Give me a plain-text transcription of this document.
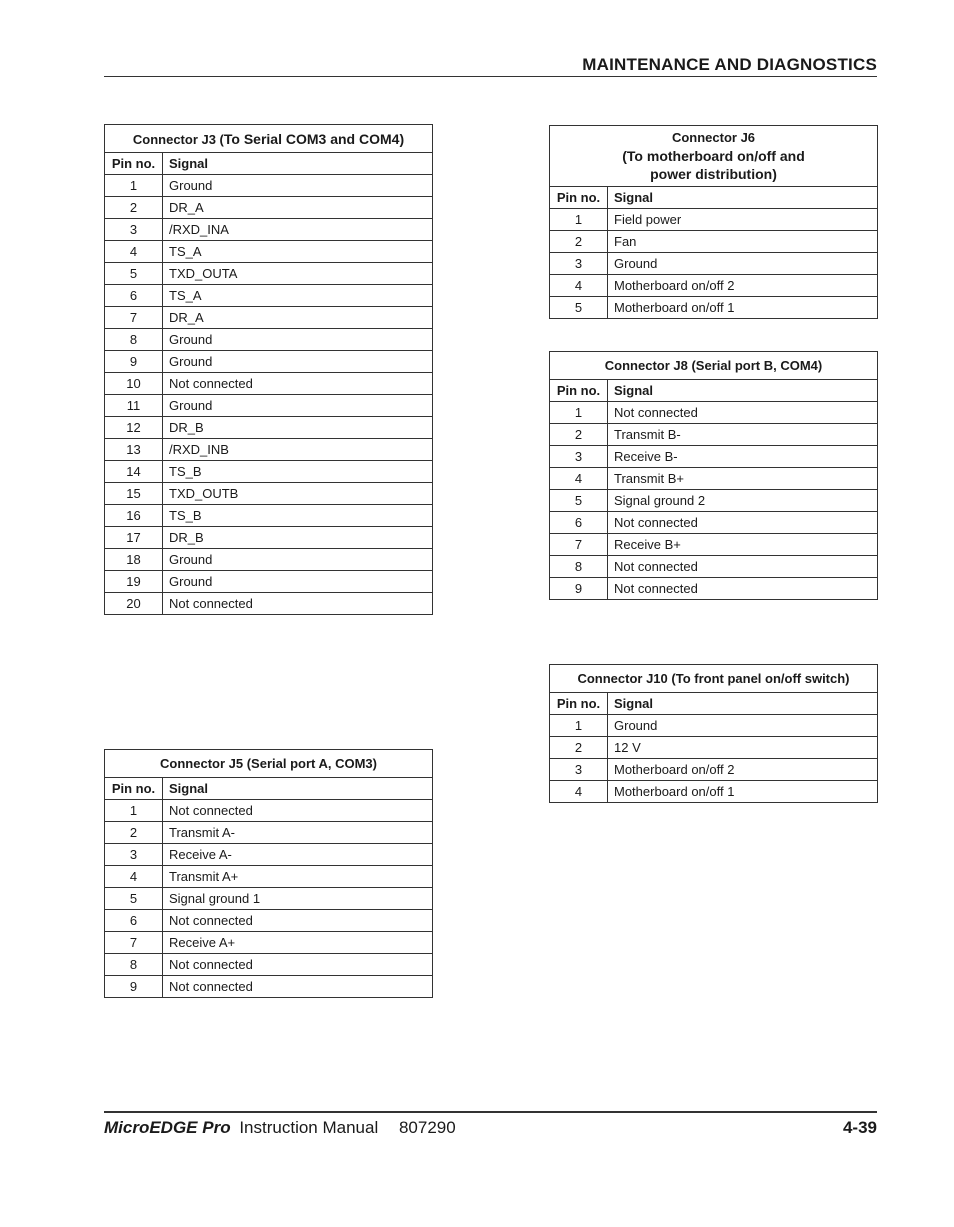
MAINTENANCE AND DIAGNOSTICS
Connector J3 (To Serial COM3 and COM4)	
Pin no.	Signal
1	Ground
2	DR_A
3	/RXD_INA
4	TS_A
5	TXD_OUTA
6	TS_A
7	DR_A
8	Ground
9	Ground
10	Not connected
11	Ground
12	DR_B
13	/RXD_INB
14	TS_B
15	TXD_OUTB
16	TS_B
17	DR_B
18	Ground
19	Ground
20	Not connected
Connector J5 (Serial port A, COM3)	
Pin no.	Signal
1	Not connected
2	Transmit A-
3	Receive A-
4	Transmit A+
5	Signal ground 1
6	Not connected
7	Receive A+
8	Not connected
9	Not connected
Connector J6
(To motherboard on/off and
power distribution)	

Pin no.	Signal
1	Field power
2	Fan
3	Ground
4	Motherboard on/off 2
5	Motherboard on/off 1
Connector J8 (Serial port B, COM4)	
Pin no.	Signal
1	Not connected
2	Transmit B-
3	Receive B-
4	Transmit B+
5	Signal ground 2
6	Not connected
7	Receive B+
8	Not connected
9	Not connected
Connector J10 (To front panel on/off switch)	
Pin no.	Signal
1	Ground
2	12 V
3	Motherboard on/off 2
4	Motherboard on/off 1
MicroEDGE Pro Instruction Manual 807290	4-39
